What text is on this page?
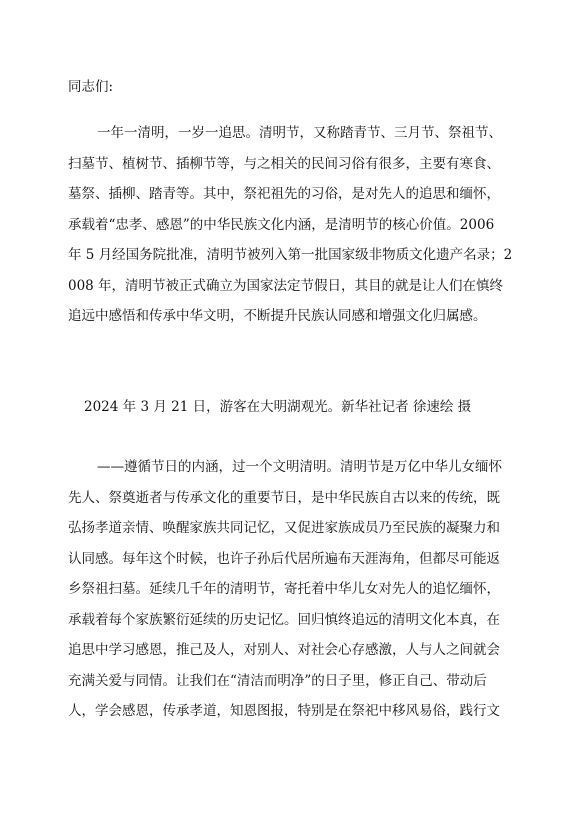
同志们:
一年一清明，一岁一追思。清明节，又称踏青节、三月节、祭祖节、
扫墓节、植树节、插柳节等，与之相关的民间习俗有很多，主要有寒食、
墓祭、插柳、踏青等。其中，祭祀祖先的习俗，是对先人的追思和缅怀，
承载着“忠孝、感恩”的中华民族文化内涵，是清明节的核心价值。2006
年 5 月经国务院批准，清明节被列入第一批国家级非物质文化遗产名录；2
008 年，清明节被正式确立为国家法定节假日，其目的就是让人们在慎终
追远中感悟和传承中华文明，不断提升民族认同感和增强文化归属感。
2024 年 3 月 21 日，游客在大明湖观光。新华社记者 徐速绘 摄
——遵循节日的内涵，过一个文明清明。清明节是万亿中华儿女缅怀
先人、祭奠逝者与传承文化的重要节日，是中华民族自古以来的传统，既
弘扬孝道亲情、唤醒家族共同记忆，又促进家族成员乃至民族的凝聚力和
认同感。每年这个时候，也许子孙后代居所遍布天涯海角，但都尽可能返
乡祭祖扫墓。延续几千年的清明节，寄托着中华儿女对先人的追忆缅怀，
承载着每个家族繁衍延续的历史记忆。回归慎终追远的清明文化本真，在
追思中学习感恩，推己及人，对别人、对社会心存感激，人与人之间就会
充满关爱与同情。让我们在“清洁而明净”的日子里，修正自己、带动后
人，学会感恩，传承孝道，知恩图报，特别是在祭祀中移风易俗，践行文
